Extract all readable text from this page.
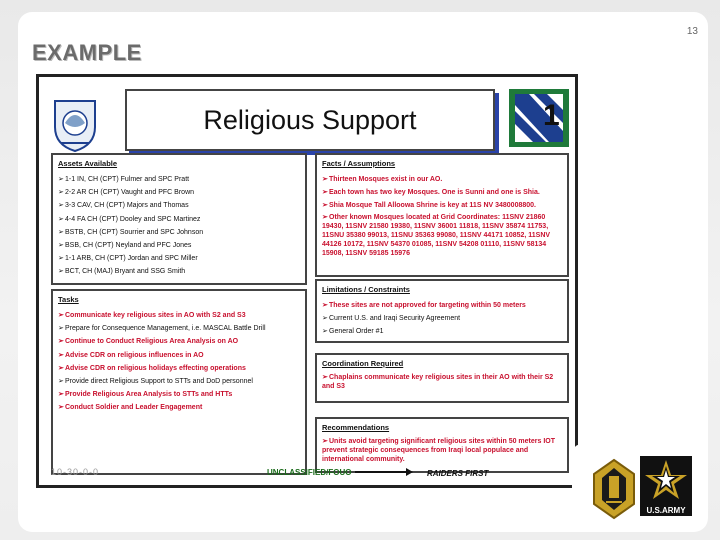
13
EXAMPLE
Religious Support	1
Assets Available
➢1-1 IN, CH (CPT) Fulmer and SPC Pratt
➢2-2 AR CH (CPT) Vaught and PFC Brown
➢3-3 CAV, CH (CPT) Majors and Thomas
➢4-4 FA CH (CPT) Dooley and SPC Martinez
➢BSTB, CH (CPT) Sourrier and SPC Johnson
➢BSB, CH (CPT) Neyland and PFC Jones
➢1-1 ARB, CH (CPT) Jordan and SPC Miller
➢BCT, CH (MAJ) Bryant and SSG Smith
Tasks
➢Communicate key religious sites in AO with S2 and S3
➢Prepare for Consequence Management, i.e. MASCAL Battle Drill
➢Continue to Conduct Religious Area Analysis on AO
➢Advise CDR on religious influences in AO
➢Advise CDR on religious holidays effecting operations
➢Provide direct Religious Support to STTs and DoD personnel
➢Provide Religious Area Analysis to STTs and HTTs
➢Conduct Soldier and Leader Engagement
Facts / Assumptions
➢Thirteen Mosques exist in our AO.
➢Each town has two key Mosques. One is Sunni and one is Shia.
➢Shia Mosque Tall Alloowa Shrine is key at 11S NV 3480008800.
➢Other known Mosques located at Grid Coordinates: 11SNV 21860 19430, 11SNV 21580 19380, 11SNV 36001 11818, 11SNV 35874 11753, 11SNU 35380 99013, 11SNU 35363 99080, 11SNV 44171 10852, 11SNV 44126 10172, 11SNV 54370 01085, 11SNV 54208 01110, 11SNV 58134 15908, 11SNV 59185 15976
Limitations / Constraints
➢These sites are not approved for targeting within 50 meters
➢Current U.S. and Iraqi Security Agreement
➢General Order #1
Coordination Required
➢Chaplains communicate key religious sites in their AO with their S2 and S3
Recommendations
➢Units avoid targeting significant religious sites within 50 meters IOT prevent strategic consequences from Iraqi local populace and international community.
10-30-0-0	UNCLASSIFIED/FOUO	RAIDERS FIRST
U.S.ARMY
